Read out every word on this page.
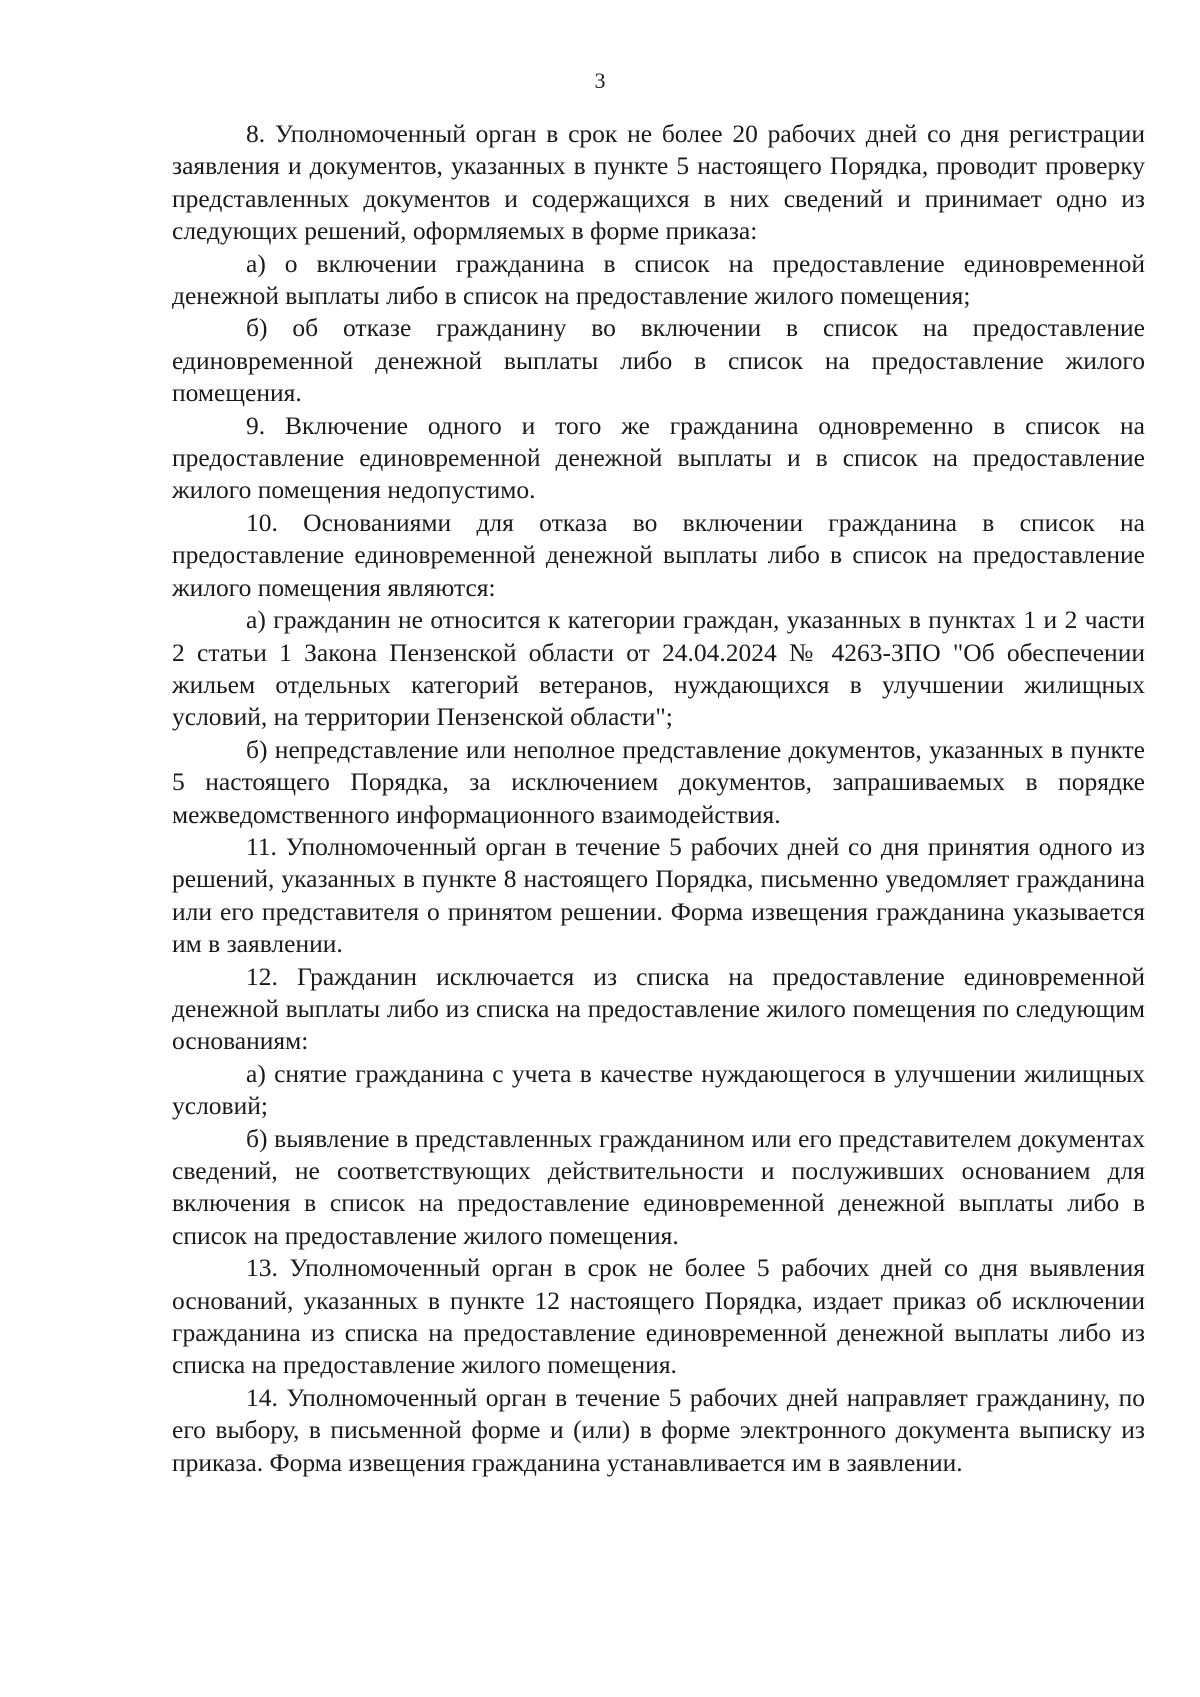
3

8. Уполномоченный орган в срок не более 20 рабочих дней со дня регистрации заявления и документов, указанных в пункте 5 настоящего Порядка, проводит проверку представленных документов и содержащихся в них сведений и принимает одно из следующих решений, оформляемых в форме приказа:

а) о включении гражданина в список на предоставление единовременной денежной выплаты либо в список на предоставление жилого помещения;

б) об отказе гражданину во включении в список на предоставление единовременной денежной выплаты либо в список на предоставление жилого помещения.

9. Включение одного и того же гражданина одновременно в список на предоставление единовременной денежной выплаты и в список на предоставление жилого помещения недопустимо.

10. Основаниями для отказа во включении гражданина в список на предоставление единовременной денежной выплаты либо в список на предоставление жилого помещения являются:

а) гражданин не относится к категории граждан, указанных в пунктах 1 и 2 части 2 статьи 1 Закона Пензенской области от 24.04.2024 № 4263-ЗПО "Об обеспечении жильем отдельных категорий ветеранов, нуждающихся в улучшении жилищных условий, на территории Пензенской области";

б) непредставление или неполное представление документов, указанных в пункте 5 настоящего Порядка, за исключением документов, запрашиваемых в порядке межведомственного информационного взаимодействия.

11. Уполномоченный орган в течение 5 рабочих дней со дня принятия одного из решений, указанных в пункте 8 настоящего Порядка, письменно уведомляет гражданина или его представителя о принятом решении. Форма извещения гражданина указывается им в заявлении.

12. Гражданин исключается из списка на предоставление единовременной денежной выплаты либо из списка на предоставление жилого помещения по следующим основаниям:

а) снятие гражданина с учета в качестве нуждающегося в улучшении жилищных условий;

б) выявление в представленных гражданином или его представителем документах сведений, не соответствующих действительности и послуживших основанием для включения в список на предоставление единовременной денежной выплаты либо в список на предоставление жилого помещения.

13. Уполномоченный орган в срок не более 5 рабочих дней со дня выявления оснований, указанных в пункте 12 настоящего Порядка, издает приказ об исключении гражданина из списка на предоставление единовременной денежной выплаты либо из списка на предоставление жилого помещения.

14. Уполномоченный орган в течение 5 рабочих дней направляет гражданину, по его выбору, в письменной форме и (или) в форме электронного документа выписку из приказа. Форма извещения гражданина устанавливается им в заявлении.
